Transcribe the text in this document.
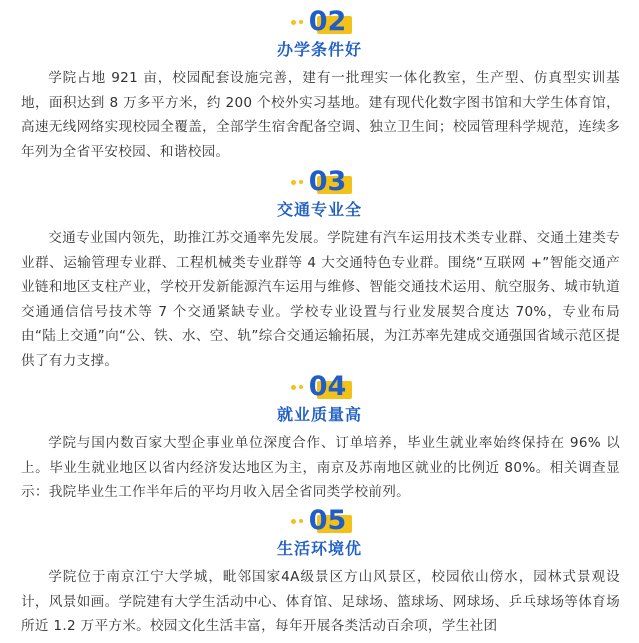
02
办学条件好

学院占地 921 亩，校园配套设施完善，建有一批理实一体化教室，生产型、仿真型实训基地，面积达到 8 万多平方米，约 200 个校外实习基地。建有现代化数字图书馆和大学生体育馆，高速无线网络实现校园全覆盖，全部学生宿舍配备空调、独立卫生间；校园管理科学规范，连续多年列为全省平安校园、和谐校园。

03
交通专业全

交通专业国内领先，助推江苏交通率先发展。学院建有汽车运用技术类专业群、交通土建类专业群、运输管理专业群、工程机械类专业群等 4 大交通特色专业群。围绕“互联网 +”智能交通产业链和地区支柱产业，学校开发新能源汽车运用与维修、智能交通技术运用、航空服务、城市轨道交通通信信号技术等 7 个交通紧缺专业。学校专业设置与行业发展契合度达 70%，专业布局由“陆上交通”向“公、铁、水、空、轨”综合交通运输拓展，为江苏率先建成交通强国省域示范区提供了有力支撑。

04
就业质量高

学院与国内数百家大型企事业单位深度合作、订单培养，毕业生就业率始终保持在 96% 以上。毕业生就业地区以省内经济发达地区为主，南京及苏南地区就业的比例近 80%。相关调查显示：我院毕业生工作半年后的平均月收入居全省同类学校前列。

05
生活环境优

学院位于南京江宁大学城，毗邻国家4A级景区方山风景区，校园依山傍水，园林式景观设计，风景如画。学院建有大学生活动中心、体育馆、足球场、篮球场、网球场、乒乓球场等体育场所近 1.2 万平方米。校园文化生活丰富，每年开展各类活动百余项，学生社团
